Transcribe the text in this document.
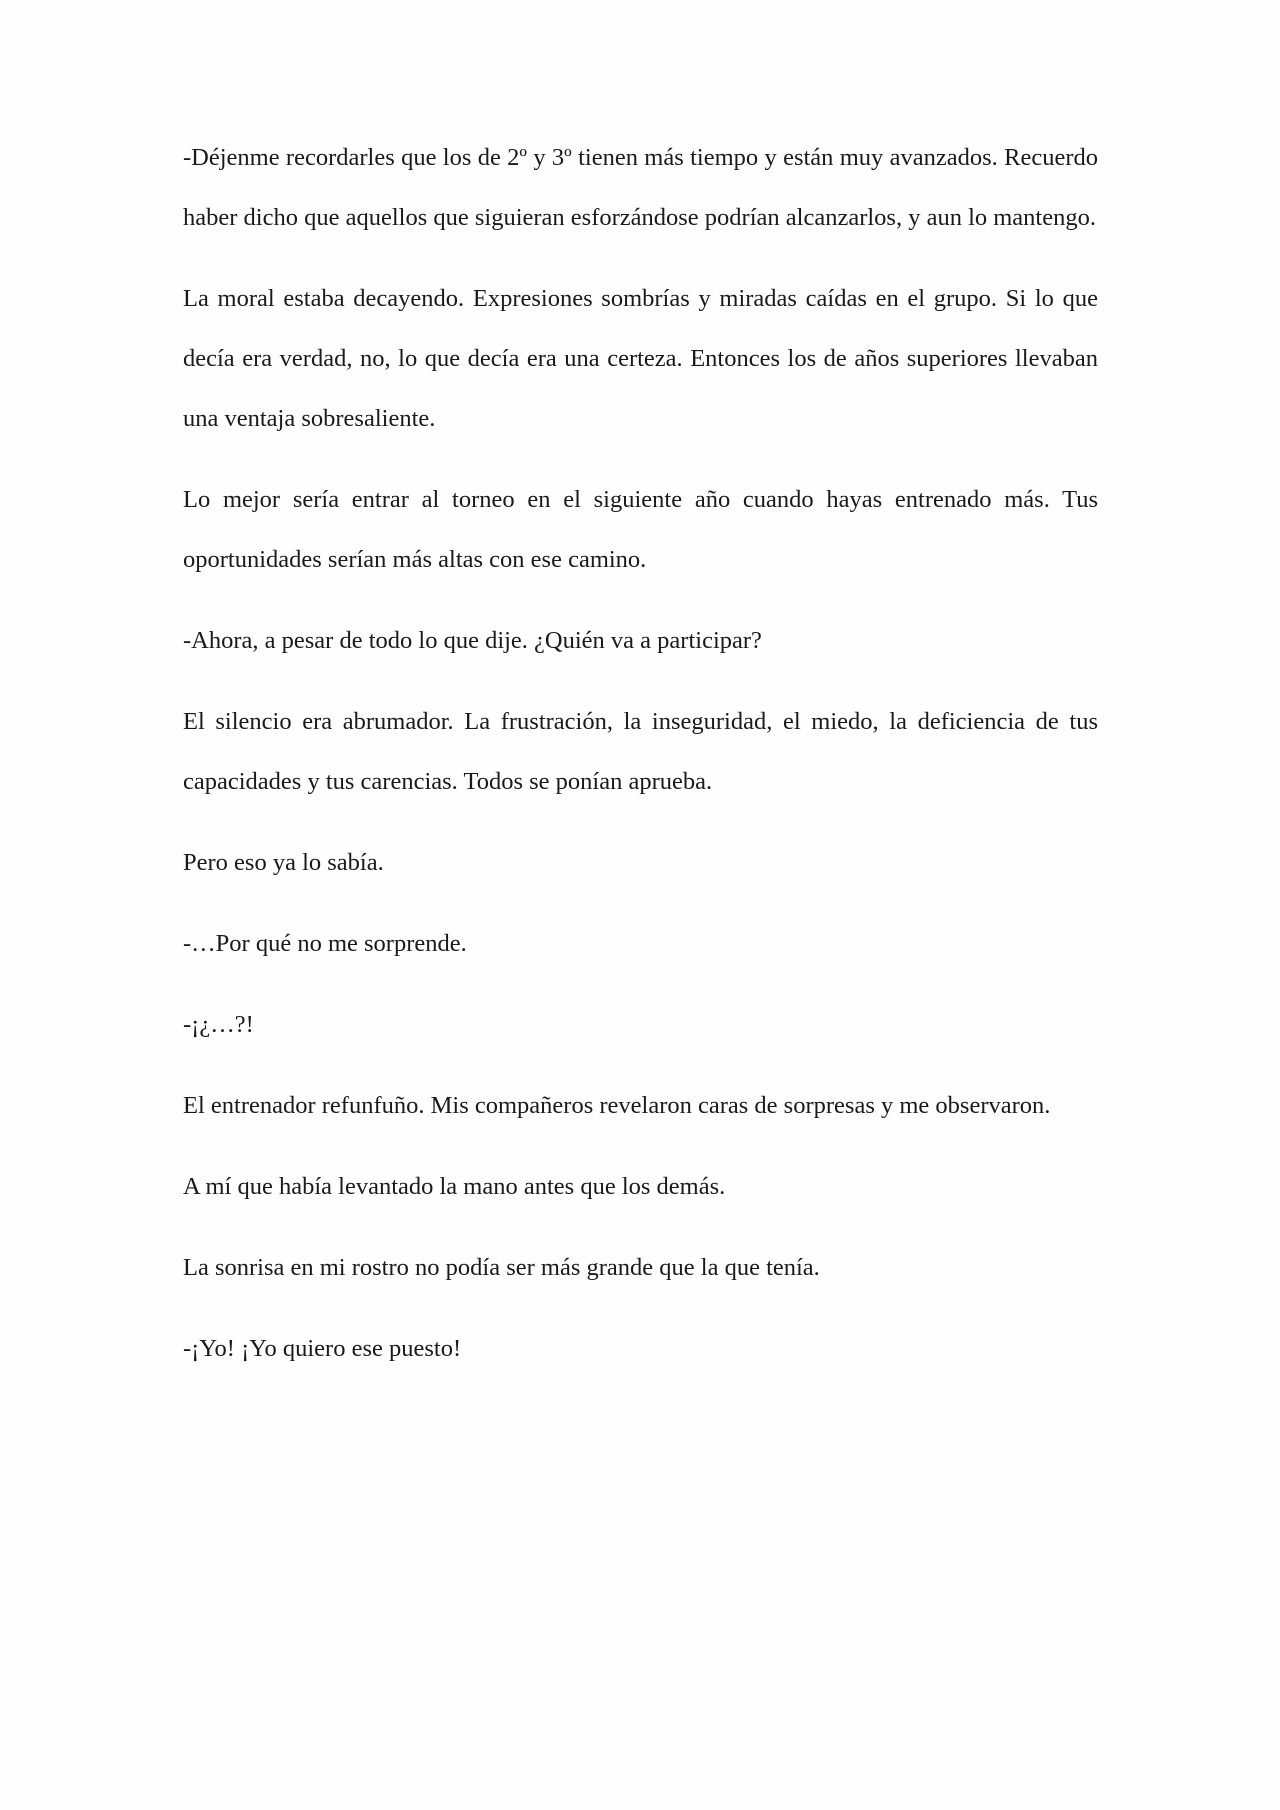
-Déjenme recordarles que los de 2º y 3º tienen más tiempo y están muy avanzados. Recuerdo haber dicho que aquellos que siguieran esforzándose podrían alcanzarlos, y aun lo mantengo.

La moral estaba decayendo. Expresiones sombrías y miradas caídas en el grupo. Si lo que decía era verdad, no, lo que decía era una certeza. Entonces los de años superiores llevaban una ventaja sobresaliente.

Lo mejor sería entrar al torneo en el siguiente año cuando hayas entrenado más. Tus oportunidades serían más altas con ese camino.

-Ahora, a pesar de todo lo que dije. ¿Quién va a participar?

El silencio era abrumador. La frustración, la inseguridad, el miedo, la deficiencia de tus capacidades y tus carencias. Todos se ponían aprueba.

Pero eso ya lo sabía.

-…Por qué no me sorprende.

-¡¿…?!

El entrenador refunfuño. Mis compañeros revelaron caras de sorpresas y me observaron.

A mí que había levantado la mano antes que los demás.

La sonrisa en mi rostro no podía ser más grande que la que tenía.

-¡Yo! ¡Yo quiero ese puesto!
